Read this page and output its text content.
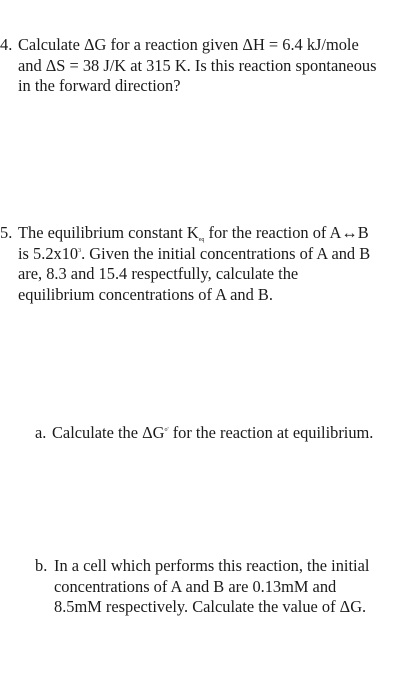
4. Calculate ΔG for a reaction given ΔH = 6.4 kJ/mole
and ΔS = 38 J/K at 315 K. Is this reaction spontaneous
in the forward direction?
5. The equilibrium constant $K_{eq}$ for the reaction of A↔B
is $5.2x10^3$. Given the initial concentrations of A and B
are, 8.3 and 15.4 respectfully, calculate the
equilibrium concentrations of A and B.
a. Calculate the $\Delta G^{o'}$ for the reaction at equilibrium.
b. In a cell which performs this reaction, the initial
concentrations of A and B are 0.13mM and
8.5mM respectively. Calculate the value of ΔG.
